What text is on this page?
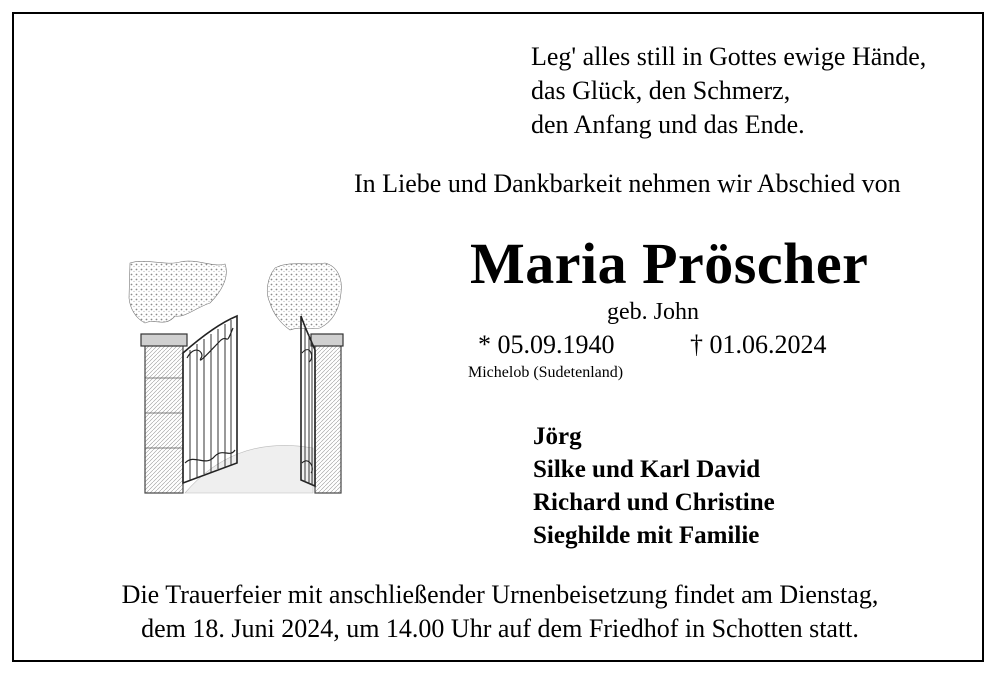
Leg' alles still in Gottes ewige Hände,
das Glück, den Schmerz,
den Anfang und das Ende.
In Liebe und Dankbarkeit nehmen wir Abschied von
Maria Pröscher
geb. John
* 05.09.1940	† 01.06.2024
Michelob (Sudetenland)
Jörg
Silke und Karl David
Richard und Christine
Sieghilde mit Familie
Die Trauerfeier mit anschließender Urnenbeisetzung findet am Dienstag,
dem 18. Juni 2024, um 14.00 Uhr auf dem Friedhof in Schotten statt.
